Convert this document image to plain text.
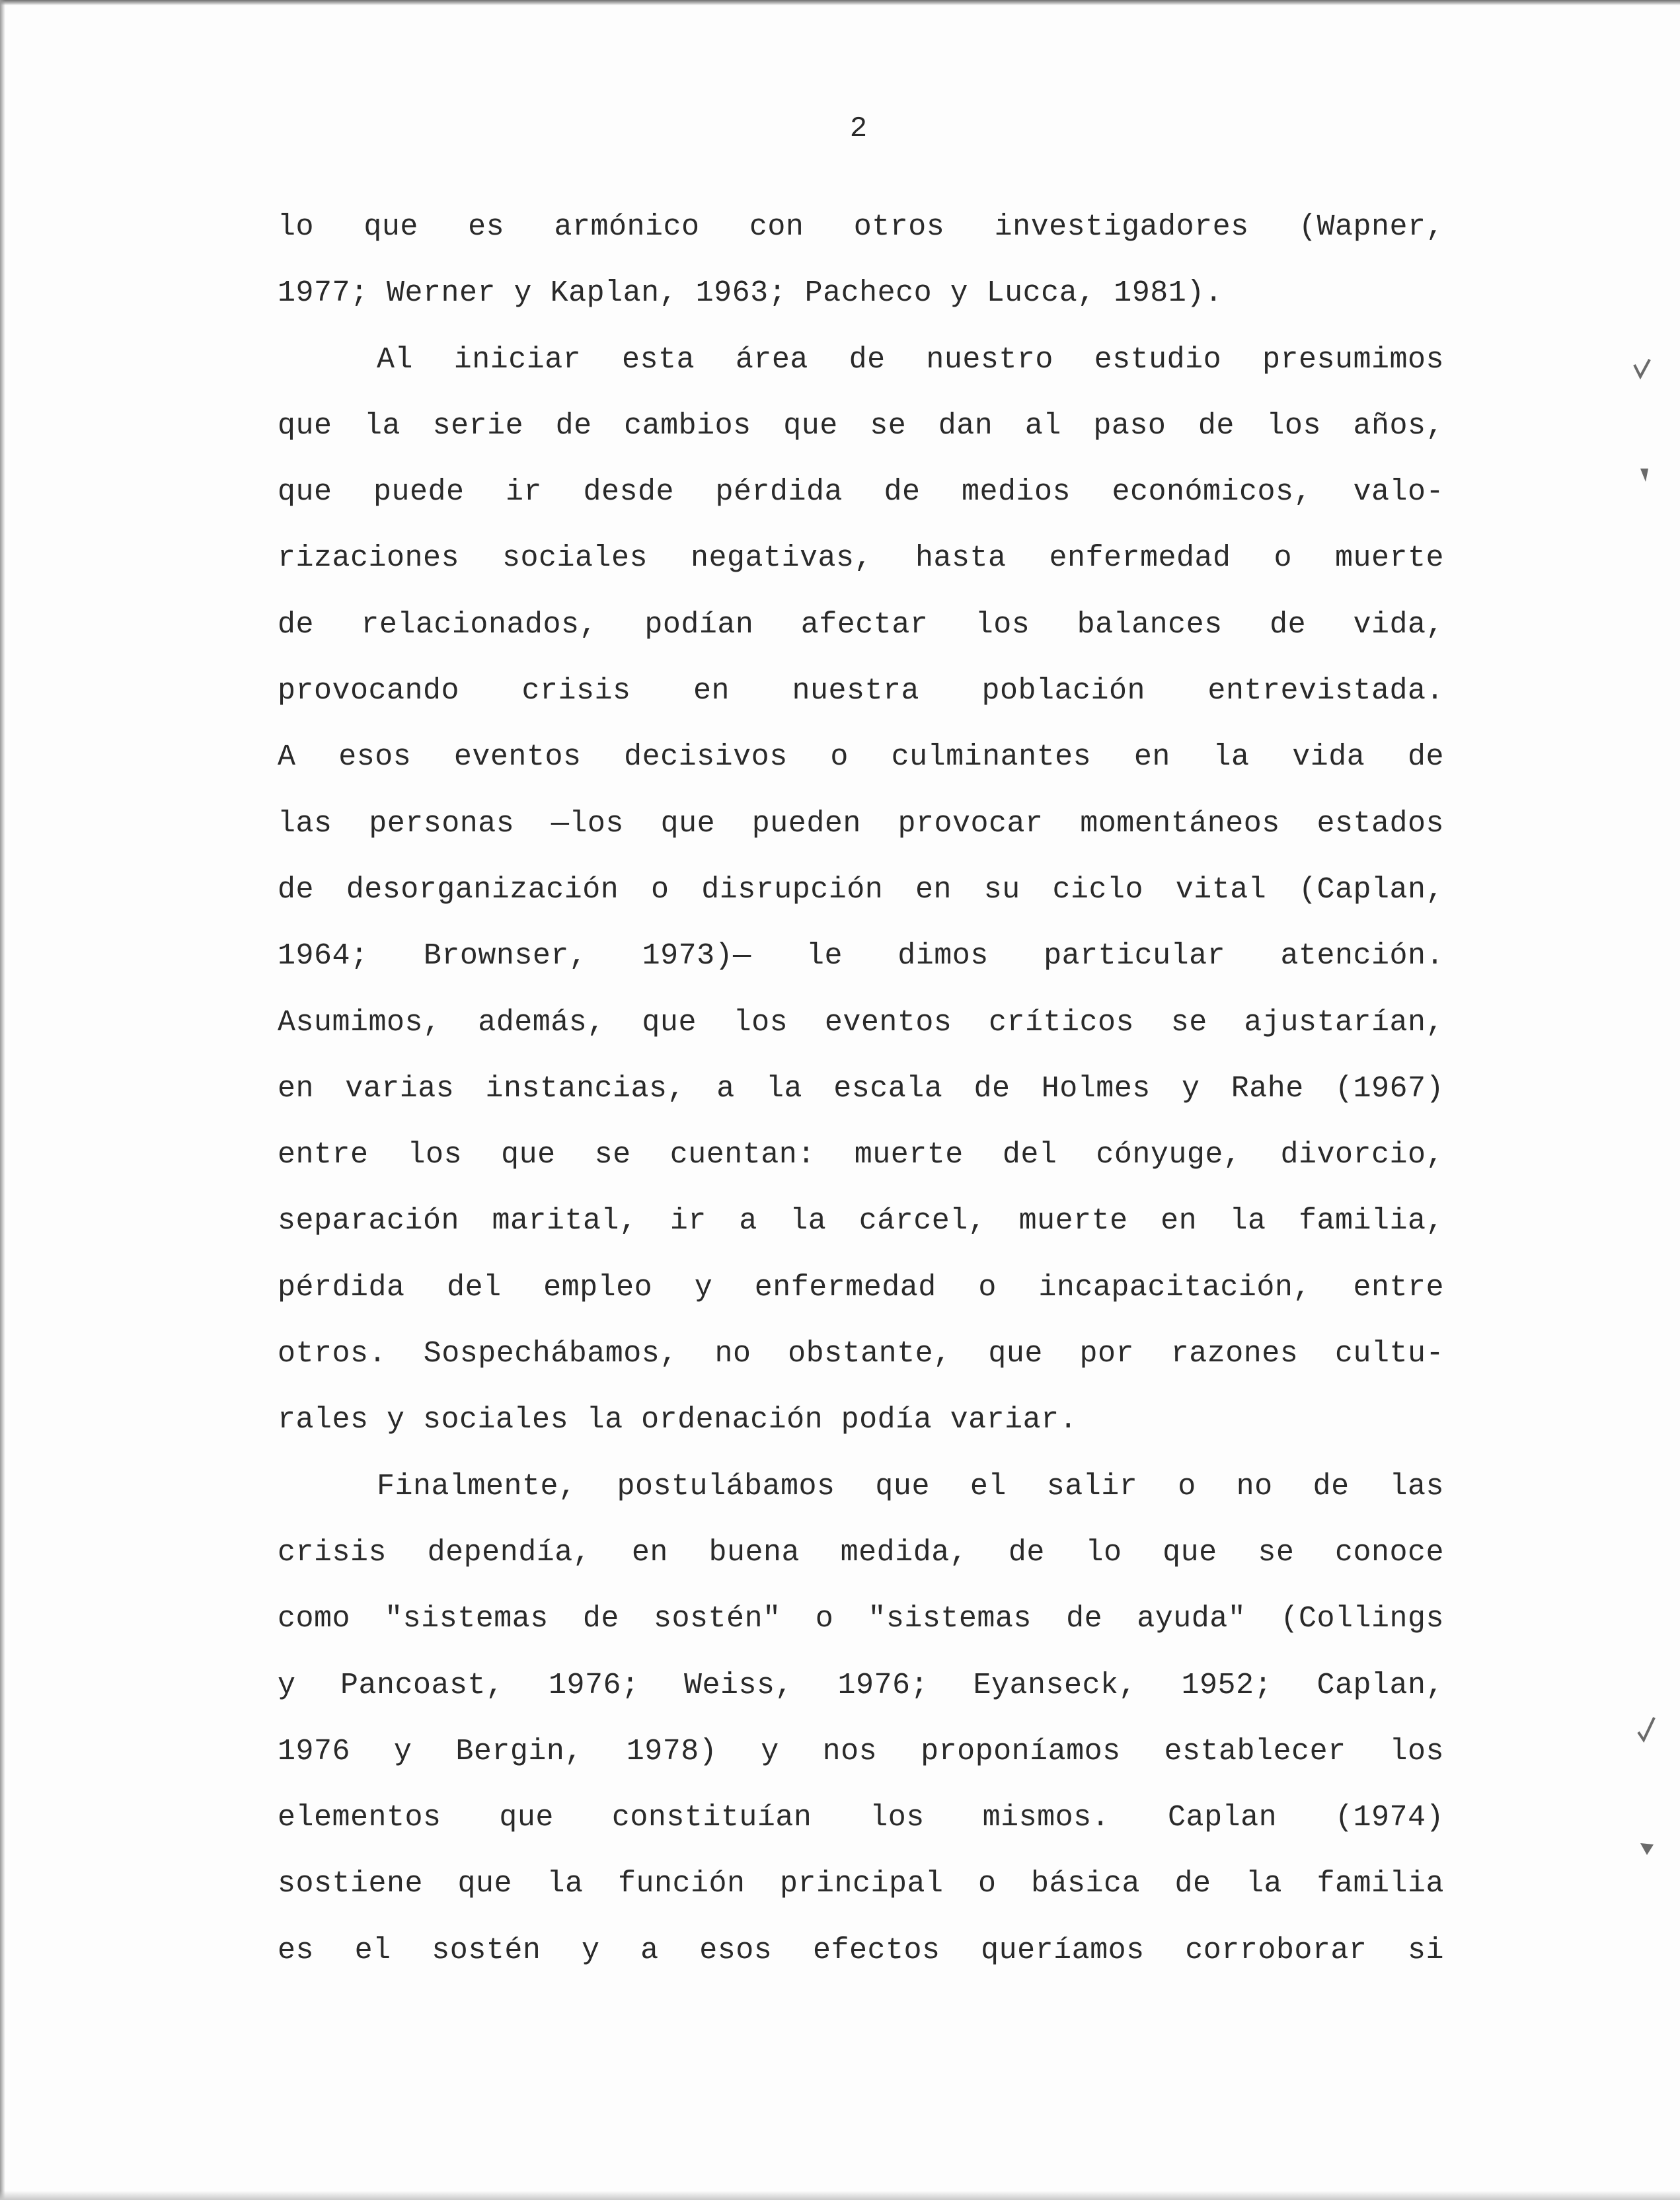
2
lo que es armónico con otros investigadores (Wapner,
1977; Werner y Kaplan, 1963; Pacheco y Lucca, 1981).
Al iniciar esta área de nuestro estudio presumimos
que la serie de cambios que se dan al paso de los años,
que puede ir desde pérdida de medios económicos, valo-
rizaciones sociales negativas, hasta enfermedad o muerte
de relacionados, podían afectar los balances de vida,
provocando crisis en nuestra población entrevistada.
A esos eventos decisivos o culminantes en la vida de
las personas —los que pueden provocar momentáneos estados
de desorganización o disrupción en su ciclo vital (Caplan,
1964; Brownser, 1973)— le dimos particular atención.
Asumimos, además, que los eventos críticos se ajustarían,
en varias instancias, a la escala de Holmes y Rahe (1967)
entre los que se cuentan: muerte del cónyuge, divorcio,
separación marital, ir a la cárcel, muerte en la familia,
pérdida del empleo y enfermedad o incapacitación, entre
otros. Sospechábamos, no obstante, que por razones cultu-
rales y sociales la ordenación podía variar.
Finalmente, postulábamos que el salir o no de las
crisis dependía, en buena medida, de lo que se conoce
como "sistemas de sostén" o "sistemas de ayuda" (Collings
y Pancoast, 1976; Weiss, 1976; Eyanseck, 1952; Caplan,
1976 y Bergin, 1978) y nos proponíamos establecer los
elementos que constituían los mismos. Caplan (1974)
sostiene que la función principal o básica de la familia
es el sostén y a esos efectos queríamos corroborar si
